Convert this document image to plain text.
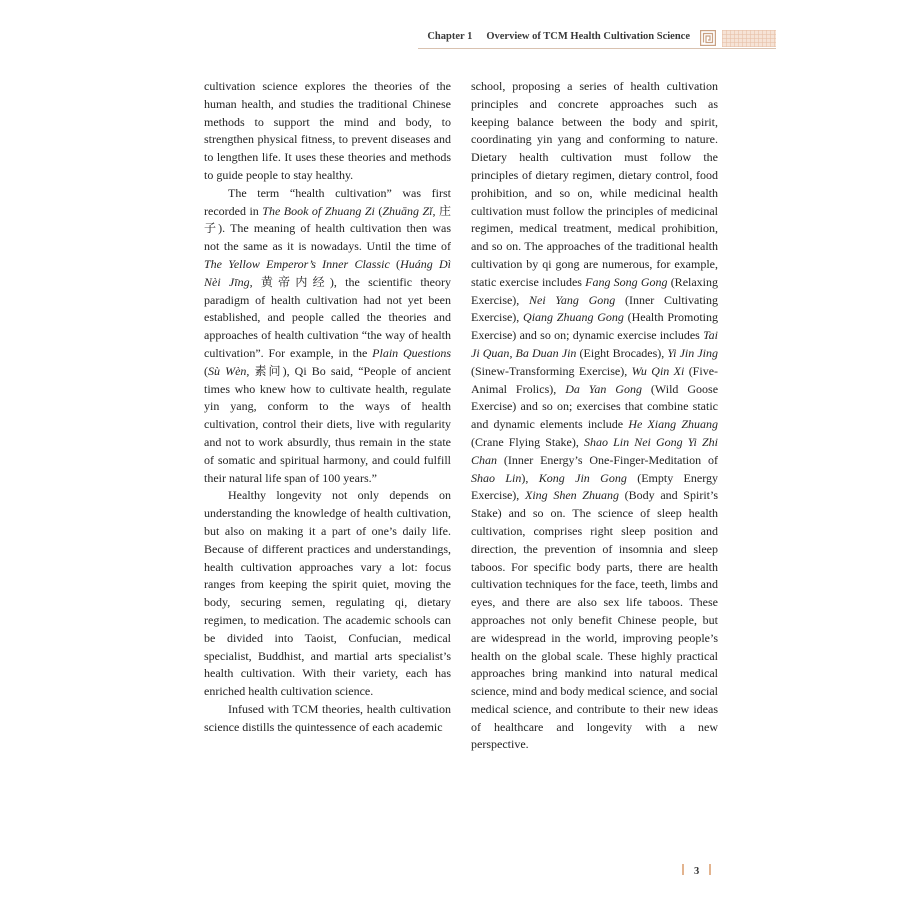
Chapter 1 Overview of TCM Health Cultivation Science

cultivation science explores the theories of the human health, and studies the traditional Chinese methods to support the mind and body, to strengthen physical fitness, to prevent diseases and to lengthen life. It uses these theories and methods to guide people to stay healthy.

The term “health cultivation” was first recorded in The Book of Zhuang Zi (Zhuāng Zǐ, 庄子). The meaning of health cultivation then was not the same as it is nowadays. Until the time of The Yellow Emperor’s Inner Classic (Huáng Dì Nèi Jīng, 黄帝内经), the scientific theory paradigm of health cultivation had not yet been established, and people called the theories and approaches of health cultivation “the way of health cultivation”. For example, in the Plain Questions (Sù Wèn, 素问), Qi Bo said, “People of ancient times who knew how to cultivate health, regulate yin yang, conform to the ways of health cultivation, control their diets, live with regularity and not to work absurdly, thus remain in the state of somatic and spiritual harmony, and could fulfill their natural life span of 100 years.”

Healthy longevity not only depends on understanding the knowledge of health cultivation, but also on making it a part of one’s daily life. Because of different practices and understandings, health cultivation approaches vary a lot: focus ranges from keeping the spirit quiet, moving the body, securing semen, regulating qi, dietary regimen, to medication. The academic schools can be divided into Taoist, Confucian, medical specialist, Buddhist, and martial arts specialist’s health cultivation. With their variety, each has enriched health cultivation science.

Infused with TCM theories, health cultivation science distills the quintessence of each academic

school, proposing a series of health cultivation principles and concrete approaches such as keeping balance between the body and spirit, coordinating yin yang and conforming to nature. Dietary health cultivation must follow the principles of dietary regimen, dietary control, food prohibition, and so on, while medicinal health cultivation must follow the principles of medicinal regimen, medical treatment, medical prohibition, and so on. The approaches of the traditional health cultivation by qi gong are numerous, for example, static exercise includes Fang Song Gong (Relaxing Exercise), Nei Yang Gong (Inner Cultivating Exercise), Qiang Zhuang Gong (Health Promoting Exercise) and so on; dynamic exercise includes Tai Ji Quan, Ba Duan Jin (Eight Brocades), Yi Jin Jing (Sinew-Transforming Exercise), Wu Qin Xi (Five-Animal Frolics), Da Yan Gong (Wild Goose Exercise) and so on; exercises that combine static and dynamic elements include He Xiang Zhuang (Crane Flying Stake), Shao Lin Nei Gong Yi Zhi Chan (Inner Energy’s One-Finger-Meditation of Shao Lin), Kong Jin Gong (Empty Energy Exercise), Xing Shen Zhuang (Body and Spirit’s Stake) and so on. The science of sleep health cultivation, comprises right sleep position and direction, the prevention of insomnia and sleep taboos. For specific body parts, there are health cultivation techniques for the face, teeth, limbs and eyes, and there are also sex life taboos. These approaches not only benefit Chinese people, but are widespread in the world, improving people’s health on the global scale. These highly practical approaches bring mankind into natural medical science, mind and body medical science, and social medical science, and contribute to their new ideas of healthcare and longevity with a new perspective.

3
